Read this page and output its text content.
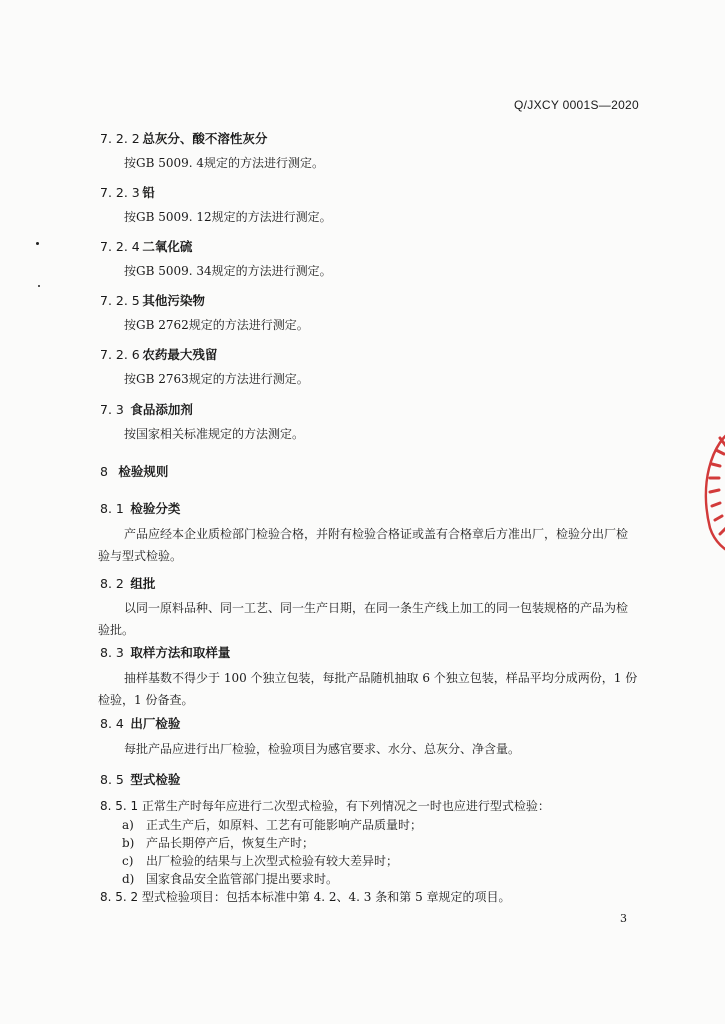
Q/JXCY 0001S—2020
7. 2. 2 总灰分、酸不溶性灰分
按GB 5009. 4规定的方法进行测定。
7. 2. 3 铅
按GB 5009. 12规定的方法进行测定。
7. 2. 4 二氧化硫
按GB 5009. 34规定的方法进行测定。
7. 2. 5 其他污染物
按GB 2762规定的方法进行测定。
7. 2. 6 农药最大残留
按GB 2763规定的方法进行测定。
7. 3 食品添加剂
按国家相关标准规定的方法测定。
8 检验规则
8. 1 检验分类
产品应经本企业质检部门检验合格，并附有检验合格证或盖有合格章后方准出厂，检验分出厂检验与型式检验。
8. 2 组批
以同一原料品种、同一工艺、同一生产日期，在同一条生产线上加工的同一包装规格的产品为检验批。
8. 3 取样方法和取样量
抽样基数不得少于 100 个独立包装，每批产品随机抽取 6 个独立包装，样品平均分成两份，1 份检验，1 份备查。
8. 4 出厂检验
每批产品应进行出厂检验，检验项目为感官要求、水分、总灰分、净含量。
8. 5 型式检验
8. 5. 1 正常生产时每年应进行二次型式检验，有下列情况之一时也应进行型式检验：
a) 正式生产后，如原料、工艺有可能影响产品质量时；
b) 产品长期停产后，恢复生产时；
c) 出厂检验的结果与上次型式检验有较大差异时；
d) 国家食品安全监管部门提出要求时。
8. 5. 2 型式检验项目：包括本标准中第 4. 2、4. 3 条和第 5 章规定的项目。
3
